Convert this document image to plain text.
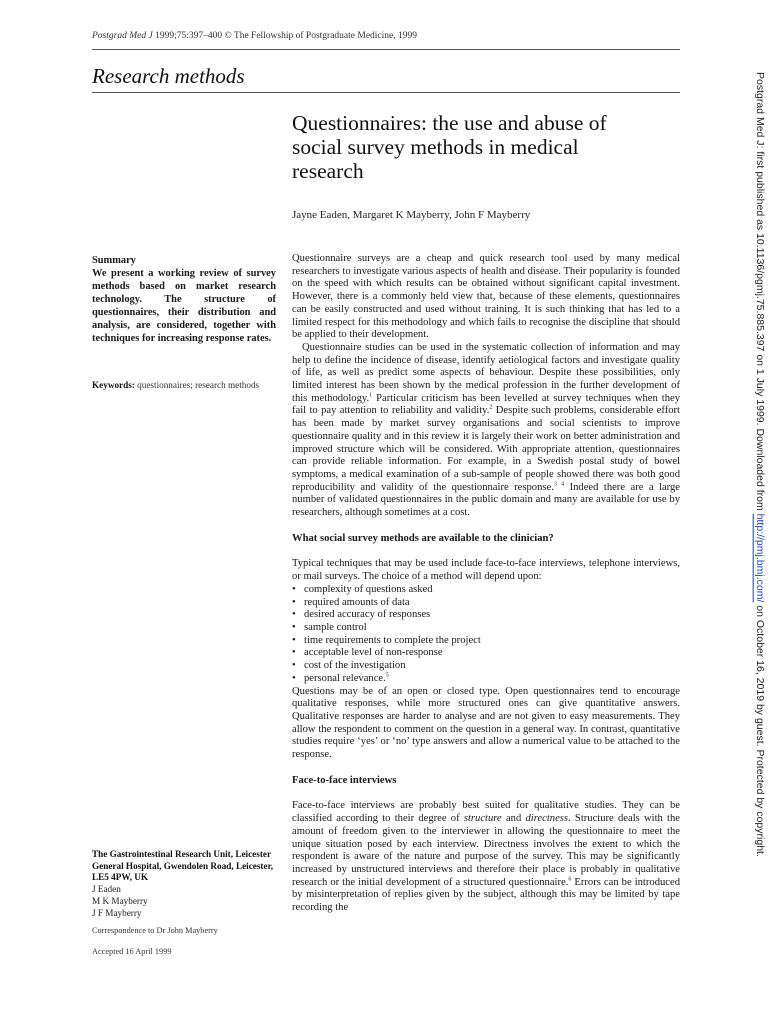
Postgrad Med J 1999;75:397–400 © The Fellowship of Postgraduate Medicine, 1999
Research methods
Questionnaires: the use and abuse of social survey methods in medical research
Jayne Eaden, Margaret K Mayberry, John F Mayberry
Summary
We present a working review of survey methods based on market research technology. The structure of questionnaires, their distribution and analysis, are considered, together with techniques for increasing response rates.
Keywords: questionnaires; research methods
The Gastrointestinal Research Unit, Leicester General Hospital, Gwendolen Road, Leicester, LE5 4PW, UK
J Eaden
M K Mayberry
J F Mayberry
Correspondence to Dr John Mayberry
Accepted 16 April 1999

Questionnaire surveys are a cheap and quick research tool used by many medical researchers to investigate various aspects of health and disease. Their popularity is founded on the speed with which results can be obtained without significant capital investment. However, there is a commonly held view that, because of these elements, questionnaires can be easily constructed and used without training. It is such thinking that has led to a limited respect for this methodology and which fails to recognise the discipline that should be applied to their development.

Questionnaire studies can be used in the systematic collection of information and may help to define the incidence of disease, identify aetiological factors and investigate quality of life, as well as predict some aspects of behaviour. Despite these possibilities, only limited interest has been shown by the medical profession in the further development of this methodology.$^1$ Particular criticism has been levelled at survey techniques when they fail to pay attention to reliability and validity.$^2$ Despite such problems, considerable effort has been made by market survey organisations and social scientists to improve questionnaire quality and in this review it is largely their work on better administration and improved structure which will be considered. With appropriate attention, questionnaires can provide reliable information. For example, in a Swedish postal study of bowel symptoms, a medical examination of a sub-sample of people showed there was both good reproducibility and validity of the questionnaire response.$^{3 4}$ Indeed there are a large number of validated questionnaires in the public domain and many are available for use by researchers, although sometimes at a cost.

What social survey methods are available to the clinician?

Typical techniques that may be used include face-to-face interviews, telephone interviews, or mail surveys. The choice of a method will depend upon:

• complexity of questions asked
• required amounts of data
• desired accuracy of responses
• sample control
• time requirements to complete the project
• acceptable level of non-response
• cost of the investigation
• personal relevance.$^5$

Questions may be of an open or closed type. Open questionnaires tend to encourage qualitative responses, while more structured ones can give quantitative answers. Qualitative responses are harder to analyse and are not given to easy measurements. They allow the respondent to comment on the question in a general way. In contrast, quantitative studies require ‘yes’ or ‘no’ type answers and allow a numerical value to be attached to the response.

Face-to-face interviews

Face-to-face interviews are probably best suited for qualitative studies. They can be classified according to their degree of structure and directness. Structure deals with the amount of freedom given to the interviewer in allowing the questionnaire to meet the unique situation posed by each interview. Directness involves the extent to which the respondent is aware of the nature and purpose of the survey. This may be significantly increased by unstructured interviews and therefore their place is probably in qualitative research or the initial development of a structured questionnaire.$^6$ Errors can be introduced by misinterpretation of replies given by the subject, although this may be limited by tape recording the

Postgrad Med J: first published as 10.1136/pgmj.75.885.397 on 1 July 1999. Downloaded from http://pmj.bmj.com/ on October 16, 2019 by guest. Protected by copyright.
